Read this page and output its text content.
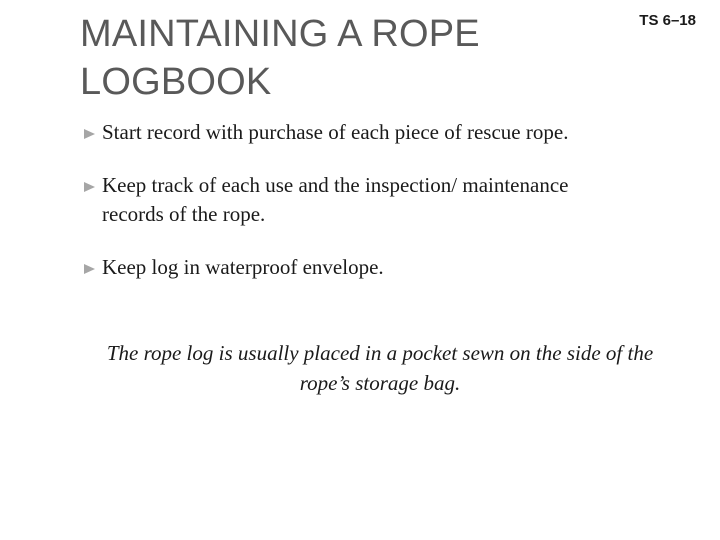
MAINTAINING A ROPE LOGBOOK
TS 6–18
Start record with purchase of each piece of rescue rope.
Keep track of each use and the inspection/ maintenance records of the rope.
Keep log in waterproof envelope.

The rope log is usually placed in a pocket sewn on the side of the rope’s storage bag.
